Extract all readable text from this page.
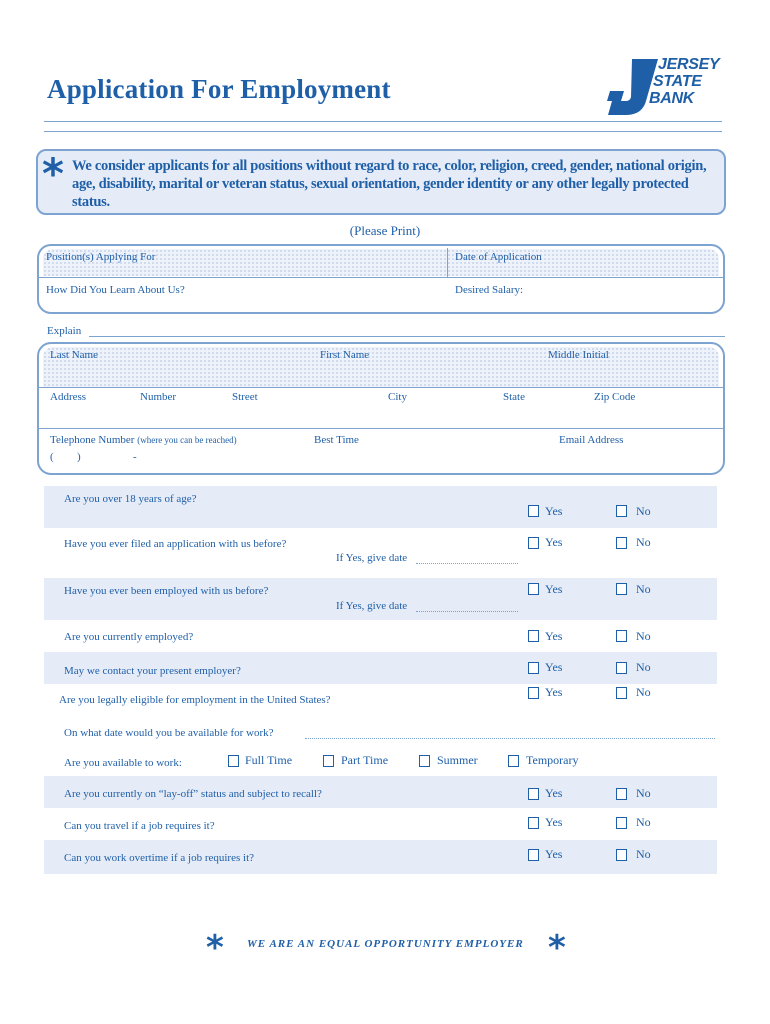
Application For Employment
JERSEY
STATE
BANK
* We consider applicants for all positions without regard to race, color, religion, creed, gender, national origin, age, disability, marital or veteran status, sexual orientation, gender identity or any other legally protected status.
(Please Print)
Position(s) Applying For	Date of Application
How Did You Learn About Us?	Desired Salary:
Explain
Last Name	First Name	Middle Initial
Address	Number	Street	City	State	Zip Code
Telephone Number (where you can be reached)
( )	-
Best Time	Email Address
Are you over 18 years of age?
Yes	No
Have you ever filed an application with us before?	Yes	No
If Yes, give date
Have you ever been employed with us before?	Yes	No
If Yes, give date
Are you currently employed?	Yes	No
May we contact your present employer?	Yes	No
Are you legally eligible for employment in the United States?
Yes	No
On what date would you be available for work?
Are you available to work:	Full Time	Part Time	Summer	Temporary
Are you currently on “lay-off” status and subject to recall?	Yes	No
Can you travel if a job requires it?	Yes	No
Can you work overtime if a job requires it?	Yes	No
* WE ARE AN EQUAL OPPORTUNITY EMPLOYER *
